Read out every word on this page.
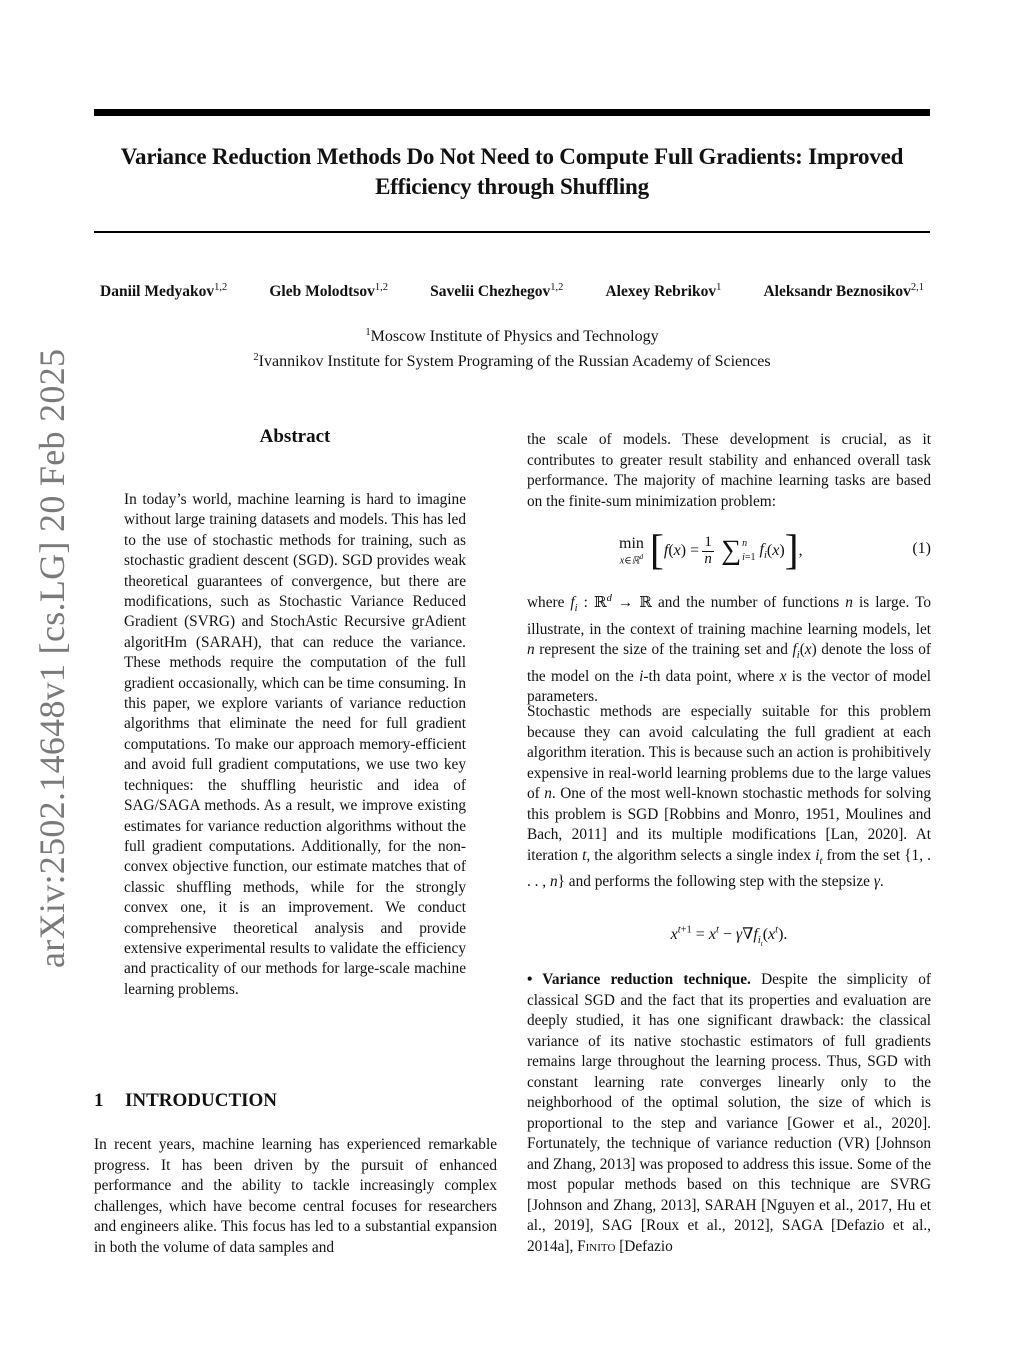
Variance Reduction Methods Do Not Need to Compute Full Gradients: Improved
Efficiency through Shuffling
arXiv:2502.14648v1 [cs.LG] 20 Feb 2025
Daniil Medyakov$^{1,2}$	Gleb Molodtsov$^{1,2}$	Savelii Chezhegov$^{1,2}$	Alexey Rebrikov$^1$	Aleksandr Beznosikov$^{2,1}$
$^1$Moscow Institute of Physics and Technology
$^2$Ivannikov Institute for System Programing of the Russian Academy of Sciences
Abstract
In today’s world, machine learning is hard to imagine without large training datasets and models. This has led to the use of stochastic methods for training, such as stochastic gradient descent (SGD). SGD provides weak theoretical guarantees of convergence, but there are modifications, such as Stochastic Variance Reduced Gradient (SVRG) and StochAstic Recursive grAdient algoritHm (SARAH), that can reduce the variance. These methods require the computation of the full gradient occasionally, which can be time consuming. In this paper, we explore variants of variance reduction algorithms that eliminate the need for full gradient computations. To make our approach memory-efficient and avoid full gradient computations, we use two key techniques: the shuffling heuristic and idea of SAG/SAGA methods. As a result, we improve existing estimates for variance reduction algorithms without the full gradient computations. Additionally, for the non-convex objective function, our estimate matches that of classic shuffling methods, while for the strongly convex one, it is an improvement. We conduct comprehensive theoretical analysis and provide extensive experimental results to validate the efficiency and practicality of our methods for large-scale machine learning problems.
1 INTRODUCTION
In recent years, machine learning has experienced remarkable progress. It has been driven by the pursuit of enhanced performance and the ability to tackle increasingly complex challenges, which have become central focuses for researchers and engineers alike. This focus has led to a substantial expansion in both the volume of data samples and
the scale of models. These development is crucial, as it contributes to greater result stability and enhanced overall task performance. The majority of machine learning tasks are based on the finite-sum minimization problem:
min
x∈ℝ$^d$ [ f ( x ) = $\frac{1}{n}$ ∑ n
i=1 $f_i$ ( x ) ] ,	(1)
where $f_i$ : ℝ$^d$ → ℝ and the number of functions n is large. To illustrate, in the context of training machine learning models, let n represent the size of the training set and $f_i(x)$ denote the loss of the model on the i-th data point, where x is the vector of model parameters.
Stochastic methods are especially suitable for this problem because they can avoid calculating the full gradient at each algorithm iteration. This is because such an action is prohibitively expensive in real-world learning problems due to the large values of n. One of the most well-known stochastic methods for solving this problem is SGD [Robbins and Monro, 1951, Moulines and Bach, 2011] and its multiple modifications [Lan, 2020]. At iteration t, the algorithm selects a single index $i_t$ from the set {1, . . . , n} and performs the following step with the stepsize γ.
$x^{t+1} = x^t - \gamma\nabla f_{i_t}(x^t)$.
• Variance reduction technique. Despite the simplicity of classical SGD and the fact that its properties and evaluation are deeply studied, it has one significant drawback: the classical variance of its native stochastic estimators of full gradients remains large throughout the learning process. Thus, SGD with constant learning rate converges linearly only to the neighborhood of the optimal solution, the size of which is proportional to the step and variance [Gower et al., 2020]. Fortunately, the technique of variance reduction (VR) [Johnson and Zhang, 2013] was proposed to address this issue. Some of the most popular methods based on this technique are SVRG [Johnson and Zhang, 2013], SARAH [Nguyen et al., 2017, Hu et al., 2019], SAG [Roux et al., 2012], SAGA [Defazio et al., 2014a], Finito [Defazio
